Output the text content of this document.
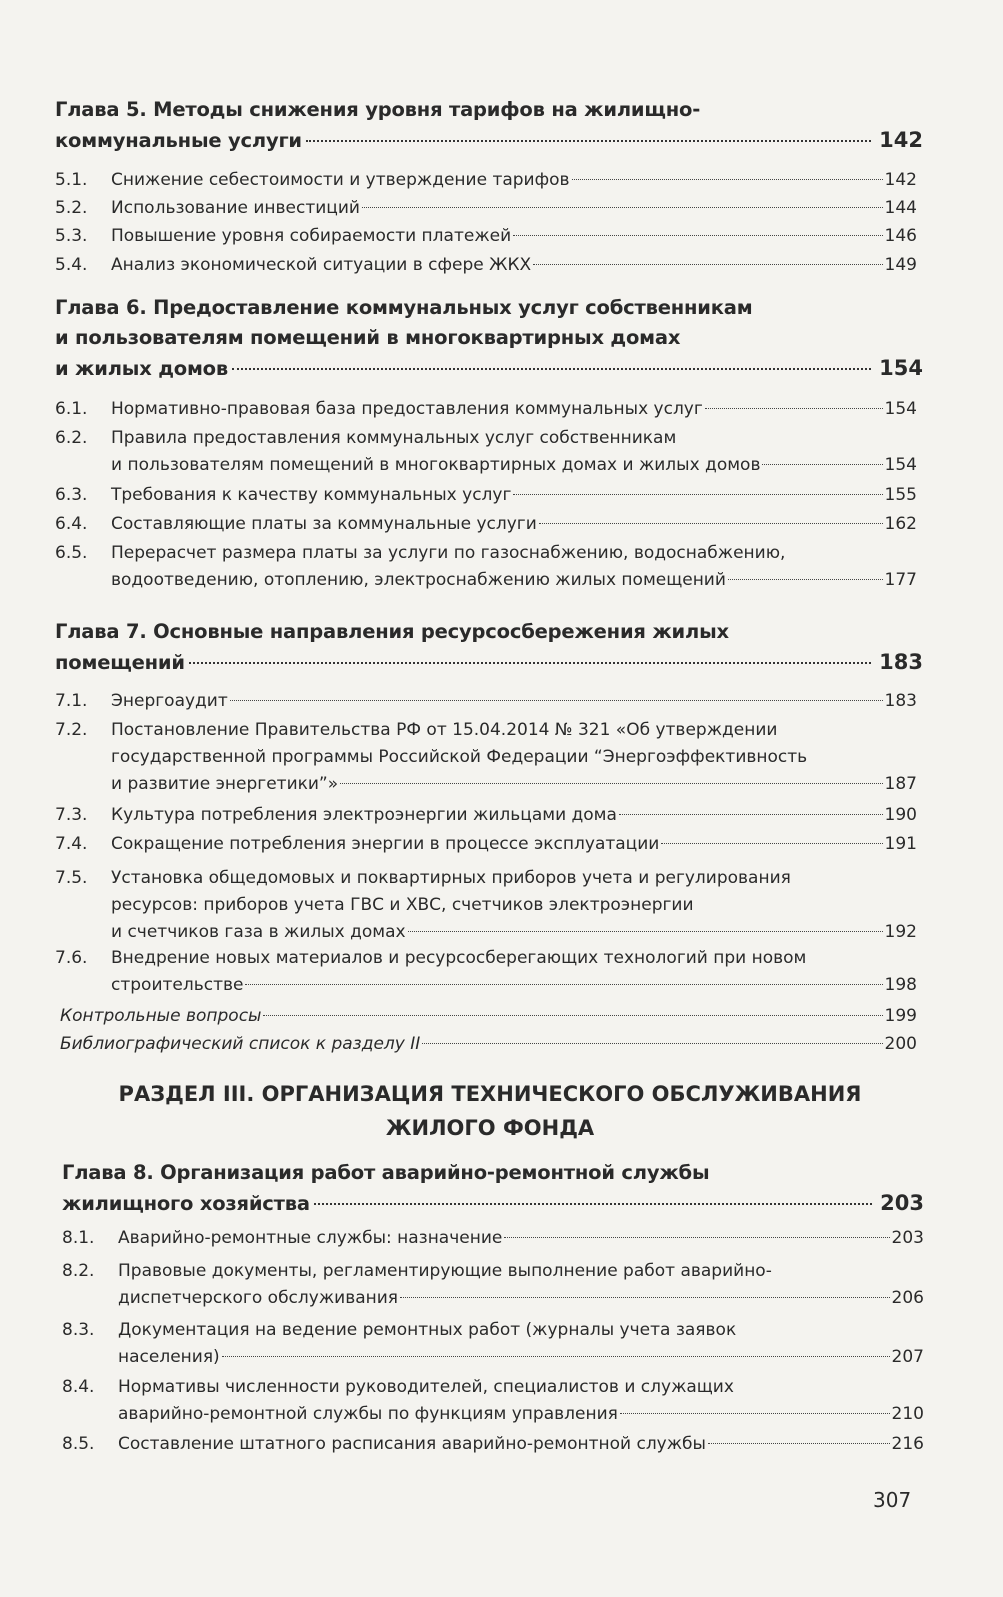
Глава 5. Методы снижения уровня тарифов на жилищно-
коммунальные услуги	142
5.1.	Снижение себестоимости и утверждение тарифов	142
5.2.	Использование инвестиций	144
5.3.	Повышение уровня собираемости платежей	146
5.4.	Анализ экономической ситуации в сфере ЖКХ	149
Глава 6. Предоставление коммунальных услуг собственникам
и пользователям помещений в многоквартирных домах
и жилых домов	154
6.1.	Нормативно-правовая база предоставления коммунальных услуг	154
6.2.	Правила предоставления коммунальных услуг собственникам
и пользователям помещений в многоквартирных домах и жилых домов	154
6.3.	Требования к качеству коммунальных услуг	155
6.4.	Составляющие платы за коммунальные услуги	162
6.5.	Перерасчет размера платы за услуги по газоснабжению, водоснабжению,
водоотведению, отоплению, электроснабжению жилых помещений	177
Глава 7. Основные направления ресурсосбережения жилых
помещений	183
7.1.	Энергоаудит	183
7.2.	Постановление Правительства РФ от 15.04.2014 № 321 «Об утверждении
государственной программы Российской Федерации “Энергоэффективность
и развитие энергетики”»	187
7.3.	Культура потребления электроэнергии жильцами дома	190
7.4.	Сокращение потребления энергии в процессе эксплуатации	191
7.5.	Установка общедомовых и поквартирных приборов учета и регулирования
ресурсов: приборов учета ГВС и ХВС, счетчиков электроэнергии
и счетчиков газа в жилых домах	192
7.6.	Внедрение новых материалов и ресурсосберегающих технологий при новом
строительстве	198
Контрольные вопросы	199
Библиографический список к разделу II	200
РАЗДЕЛ III. ОРГАНИЗАЦИЯ ТЕХНИЧЕСКОГО ОБСЛУЖИВАНИЯ
ЖИЛОГО ФОНДА
Глава 8. Организация работ аварийно-ремонтной службы
жилищного хозяйства	203
8.1.	Аварийно-ремонтные службы: назначение	203
8.2.	Правовые документы, регламентирующие выполнение работ аварийно-
диспетчерского обслуживания	206
8.3.	Документация на ведение ремонтных работ (журналы учета заявок
населения)	207
8.4.	Нормативы численности руководителей, специалистов и служащих
аварийно-ремонтной службы по функциям управления	210
8.5.	Составление штатного расписания аварийно-ремонтной службы	216
307
